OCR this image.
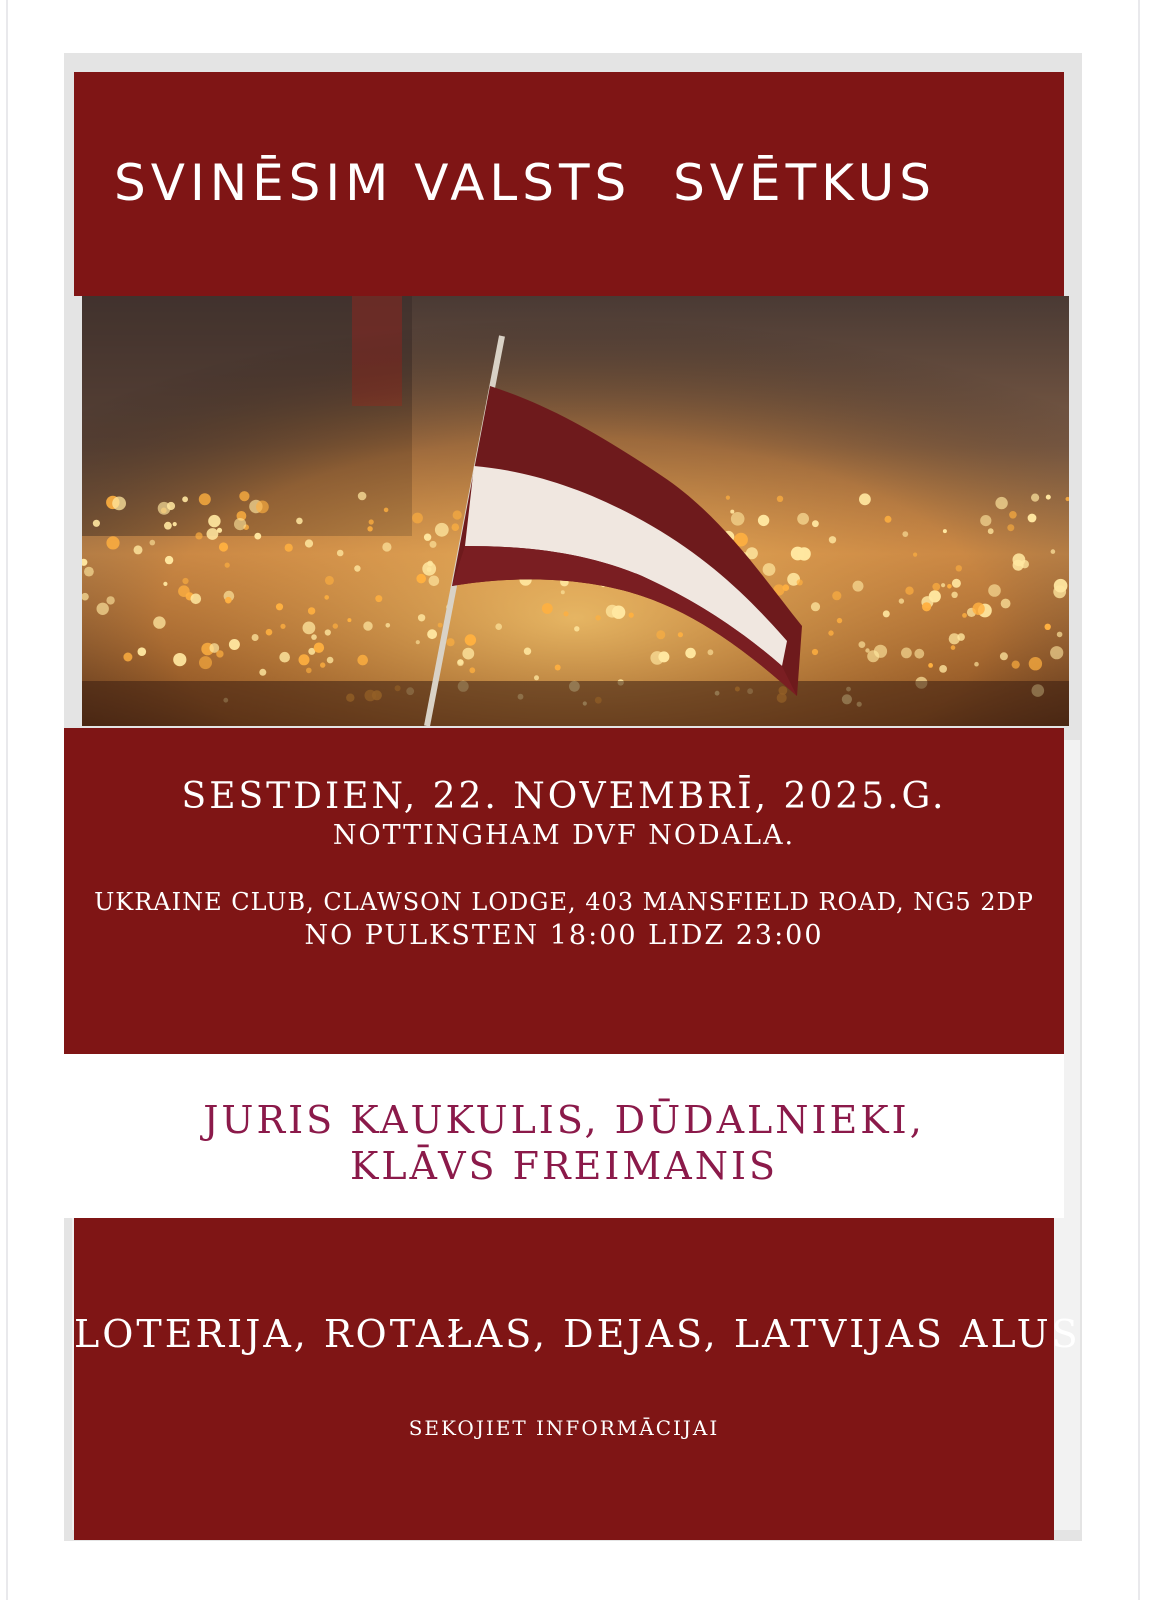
SVINĒSIM VALSTS  SVĒTKUS
SESTDIEN, 22. NOVEMBRĪ, 2025.G.
NOTTINGHAM DVF NODALA.
UKRAINE CLUB, CLAWSON LODGE, 403 MANSFIELD ROAD, NG5 2DP
NO PULKSTEN 18:00 LIDZ 23:00
JURIS KAUKULIS, DŪDALNIEKI,
KLĀVS FREIMANIS
LOTERIJA, ROTAŁAS, DEJAS, LATVIJAS ALUS
SEKOJIET INFORMĀCIJAI
